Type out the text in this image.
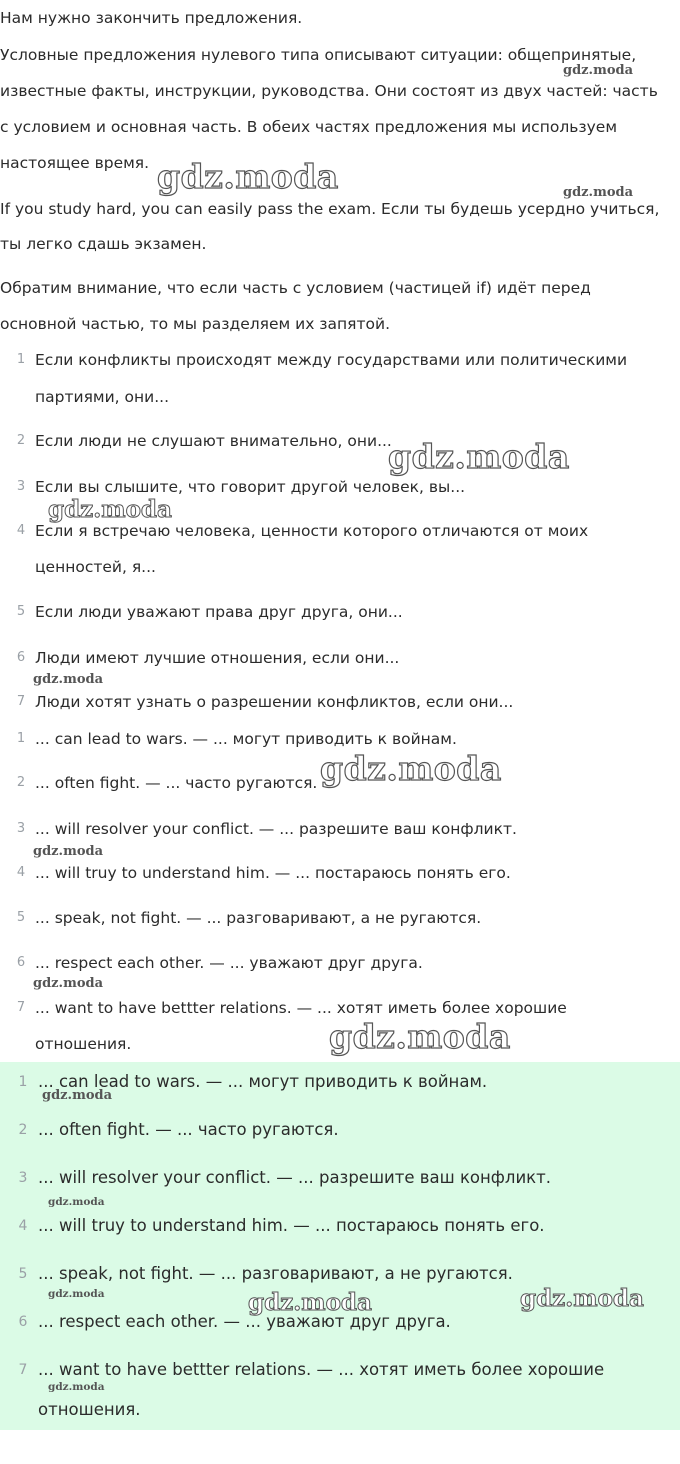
Нам нужно закончить предложения.

Условные предложения нулевого типа описывают ситуации: общепринятые,

известные факты, инструкции, руководства. Они состоят из двух частей: часть

с условием и основная часть. В обеих частях предложения мы используем

настоящее время.

If you study hard, you can easily pass the exam. Если ты будешь усердно учиться,

ты легко сдашь экзамен.

Обратим внимание, что если часть с условием (частицей if) идёт перед

основной частью, то мы разделяем их запятой.

1 Если конфликты происходят между государствами или политическими
партиями, они...
2 Если люди не слушают внимательно, они...
3 Если вы слышите, что говорит другой человек, вы...
4 Если я встречаю человека, ценности которого отличаются от моих
ценностей, я...
5 Если люди уважают права друг друга, они...
6 Люди имеют лучшие отношения, если они...
7 Люди хотят узнать о разрешении конфликтов, если они...
1 ... can lead to wars. — ... могут приводить к войнам.
2 ... often fight. — ... часто ругаются.
3 ... will resolver your conflict. — ... разрешите ваш конфликт.
4 ... will truy to understand him. — ... постараюсь понять его.
5 ... speak, not fight. — ... разговаривают, а не ругаются.
6 ... respect each other. — ... уважают друг друга.
7 ... want to have bettter relations. — ... хотят иметь более хорошие
отношения.
1 ... can lead to wars. — ... могут приводить к войнам.
2 ... often fight. — ... часто ругаются.
3 ... will resolver your conflict. — ... разрешите ваш конфликт.
4 ... will truy to understand him. — ... постараюсь понять его.
5 ... speak, not fight. — ... разговаривают, а не ругаются.
6 ... respect each other. — ... уважают друг друга.
7 ... want to have bettter relations. — ... хотят иметь более хорошие
отношения.
gdz.moda
gdz.moda	gdz.moda
gdz.moda
gdz.moda
gdz.moda
gdz.moda
gdz.moda
gdz.moda
gdz.moda
gdz.moda
gdz.moda
gdz.moda	gdz.moda	gdz.moda
gdz.moda
